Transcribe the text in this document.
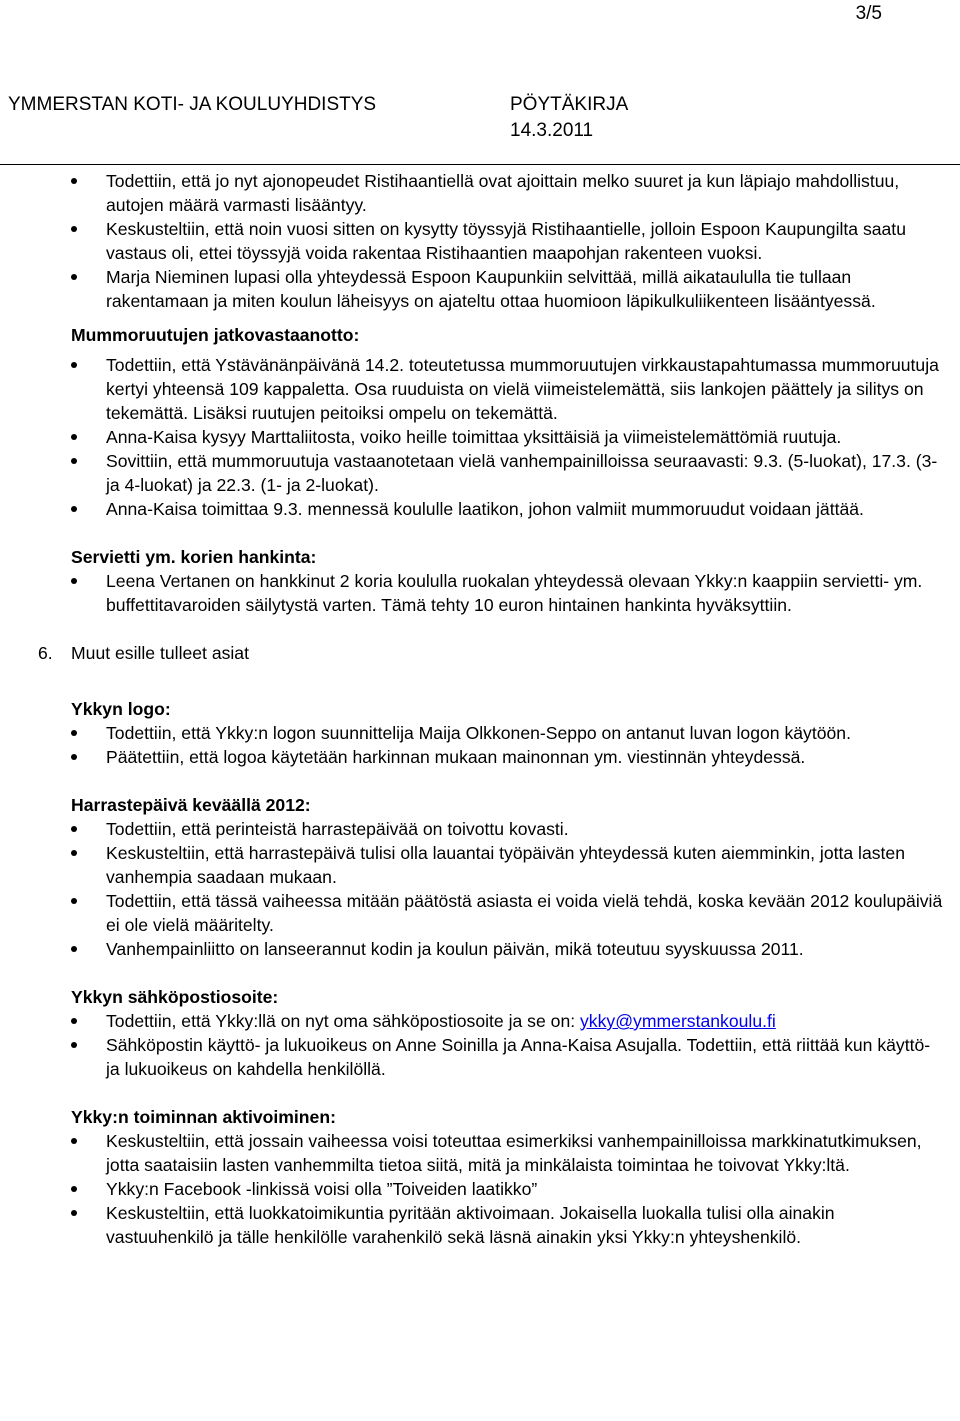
3/5
YMMERSTAN KOTI- JA KOULUYHDISTYS	PÖYTÄKIRJA
14.3.2011
Todettiin, että jo nyt ajonopeudet Ristihaantiellä ovat ajoittain melko suuret ja kun läpiajo mahdollistuu, autojen määrä varmasti lisääntyy.
Keskusteltiin, että noin vuosi sitten on kysytty töyssyjä Ristihaantielle, jolloin Espoon Kaupungilta saatu vastaus oli, ettei töyssyjä voida rakentaa Ristihaantien maapohjan rakenteen vuoksi.
Marja Nieminen lupasi olla yhteydessä Espoon Kaupunkiin selvittää, millä aikataululla tie tullaan rakentamaan ja miten koulun läheisyys on ajateltu ottaa huomioon läpikulkuliikenteen lisääntyessä.
Mummoruutujen jatkovastaanotto:
Todettiin, että Ystävänänpäivänä 14.2. toteutetussa mummoruutujen virkkaustapahtumassa mummoruutuja kertyi yhteensä 109 kappaletta. Osa ruuduista on vielä viimeistelemättä, siis lankojen päättely ja silitys on tekemättä. Lisäksi ruutujen peitoiksi ompelu on tekemättä.
Anna-Kaisa kysyy Marttaliitosta, voiko heille toimittaa yksittäisiä ja viimeistelemättömiä ruutuja.
Sovittiin, että mummoruutuja vastaanotetaan vielä vanhempainilloissa seuraavasti: 9.3. (5-luokat), 17.3. (3- ja 4-luokat) ja 22.3. (1- ja 2-luokat).
Anna-Kaisa toimittaa 9.3. mennessä koululle laatikon, johon valmiit mummoruudut voidaan jättää.
Servietti ym. korien hankinta:
Leena Vertanen on hankkinut 2 koria koululla ruokalan yhteydessä olevaan Ykky:n kaappiin servietti- ym. buffettitavaroiden säilytystä varten. Tämä tehty 10 euron hintainen hankinta hyväksyttiin.
6. Muut esille tulleet asiat
Ykkyn logo:
Todettiin, että Ykky:n logon suunnittelija Maija Olkkonen-Seppo on antanut luvan logon käytöön.
Päätettiin, että logoa käytetään harkinnan mukaan mainonnan ym. viestinnän yhteydessä.
Harrastepäivä keväällä 2012:
Todettiin, että perinteistä harrastepäivää on toivottu kovasti.
Keskusteltiin, että harrastepäivä tulisi olla lauantai työpäivän yhteydessä kuten aiemminkin, jotta lasten vanhempia saadaan mukaan.
Todettiin, että tässä vaiheessa mitään päätöstä asiasta ei voida vielä tehdä, koska kevään 2012 koulupäiviä ei ole vielä määritelty.
Vanhempainliitto on lanseerannut kodin ja koulun päivän, mikä toteutuu syyskuussa 2011.
Ykkyn sähköpostiosoite:
Todettiin, että Ykky:llä on nyt oma sähköpostiosoite ja se on: ykky@ymmerstankoulu.fi
Sähköpostin käyttö- ja lukuoikeus on Anne Soinilla ja Anna-Kaisa Asujalla. Todettiin, että riittää kun käyttö- ja lukuoikeus on kahdella henkilöllä.
Ykky:n toiminnan aktivoiminen:
Keskusteltiin, että jossain vaiheessa voisi toteuttaa esimerkiksi vanhempainilloissa markkinatutkimuksen, jotta saataisiin lasten vanhemmilta tietoa siitä, mitä ja minkälaista toimintaa he toivovat Ykky:ltä.
Ykky:n Facebook -linkissä voisi olla ”Toiveiden laatikko”
Keskusteltiin, että luokkatoimikuntia pyritään aktivoimaan. Jokaisella luokalla tulisi olla ainakin vastuuhenkilö ja tälle henkilölle varahenkilö sekä läsnä ainakin yksi Ykky:n yhteyshenkilö.
